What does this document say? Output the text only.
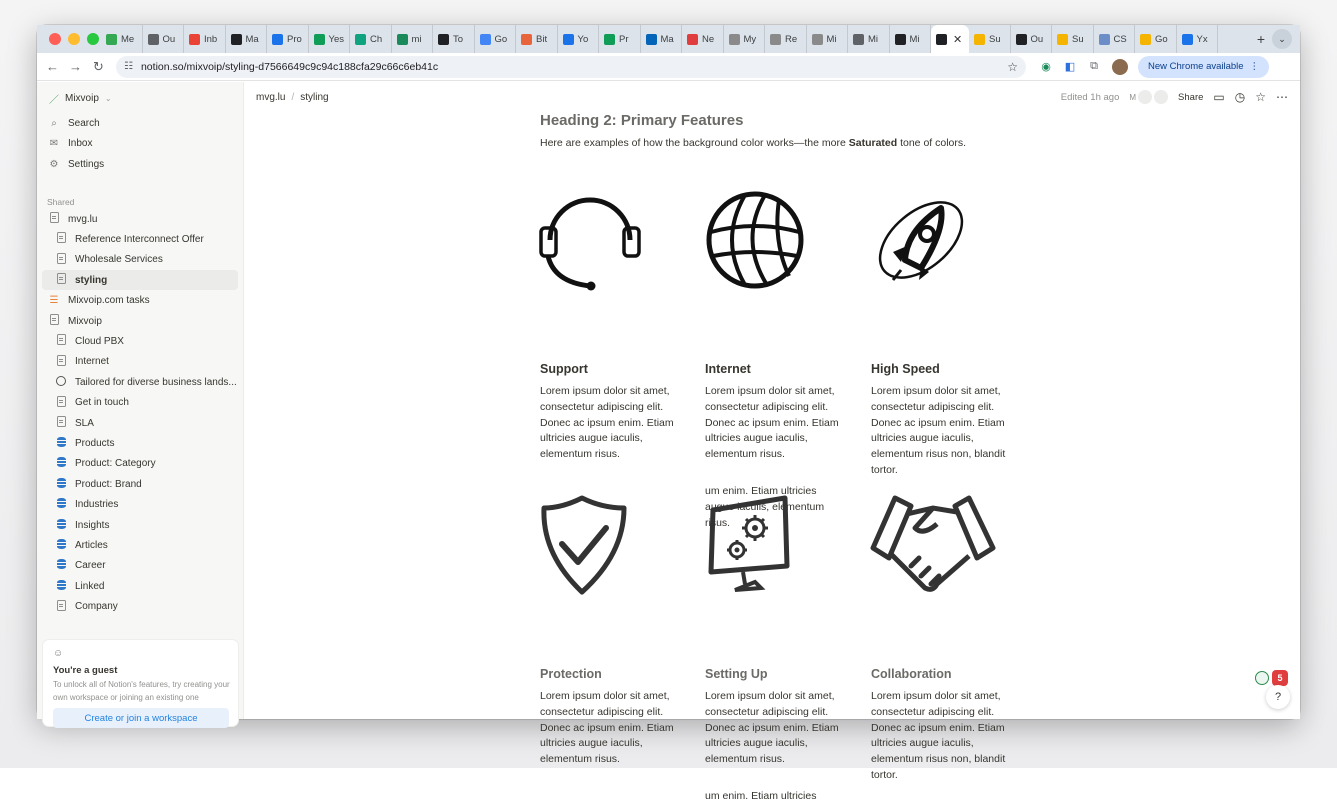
Me	Ou	Inb	Ma	Pro	Yes	Ch	mi	To	Go	Bit	Yo	Pr	Ma	Ne	My	Re	Mi	Mi	Mi	✕	Su	Ou	Su	CS	Go	Yx	+	⌄
← → ↻	☷ notion.so/mixvoip/styling-d7566649c9c94c188cfa29c66c6eb41c	☆	◉	◧	⧉	New Chrome available ⋮
／ Mixvoip ⌄
⌕	Search
✉ Inbox
⚙ Settings
Shared
mvg.lu
Reference Interconnect Offer
Wholesale Services
styling
☰ Mixvoip.com tasks
Mixvoip
Cloud PBX
Internet
Tailored for diverse business lands...
Get in touch
SLA
Products
Product: Category
Product: Brand
Industries
Insights
Articles
Career
Linked
Company
☺
You're a guest
To unlock all of Notion's features, try creating your own workspace or joining an existing one
Create or join a workspace
mvg.lu / styling	Edited 1h ago M	Share ▭ ◷ ☆ ⋯
Heading 2: Primary Features
Here are examples of how the background color works—the more Saturated tone of colors.
Support
Lorem ipsum dolor sit amet, consectetur adipiscing elit. Donec ac ipsum enim. Etiam ultricies augue iaculis, elementum risus.
Internet
Lorem ipsum dolor sit amet, consectetur adipiscing elit. Donec ac ipsum enim. Etiam ultricies augue iaculis, elementum risus.
um enim. Etiam ultricies augue iaculis, elementum risus.
High Speed
Lorem ipsum dolor sit amet, consectetur adipiscing elit. Donec ac ipsum enim. Etiam ultricies augue iaculis, elementum risus non, blandit tortor.
Protection
Lorem ipsum dolor sit amet, consectetur adipiscing elit. Donec ac ipsum enim. Etiam ultricies augue iaculis, elementum risus.
Setting Up
Lorem ipsum dolor sit amet, consectetur adipiscing elit. Donec ac ipsum enim. Etiam ultricies augue iaculis, elementum risus.
um enim. Etiam ultricies
Collaboration
Lorem ipsum dolor sit amet, consectetur adipiscing elit. Donec ac ipsum enim. Etiam ultricies augue iaculis, elementum risus non, blandit tortor.
5
?
